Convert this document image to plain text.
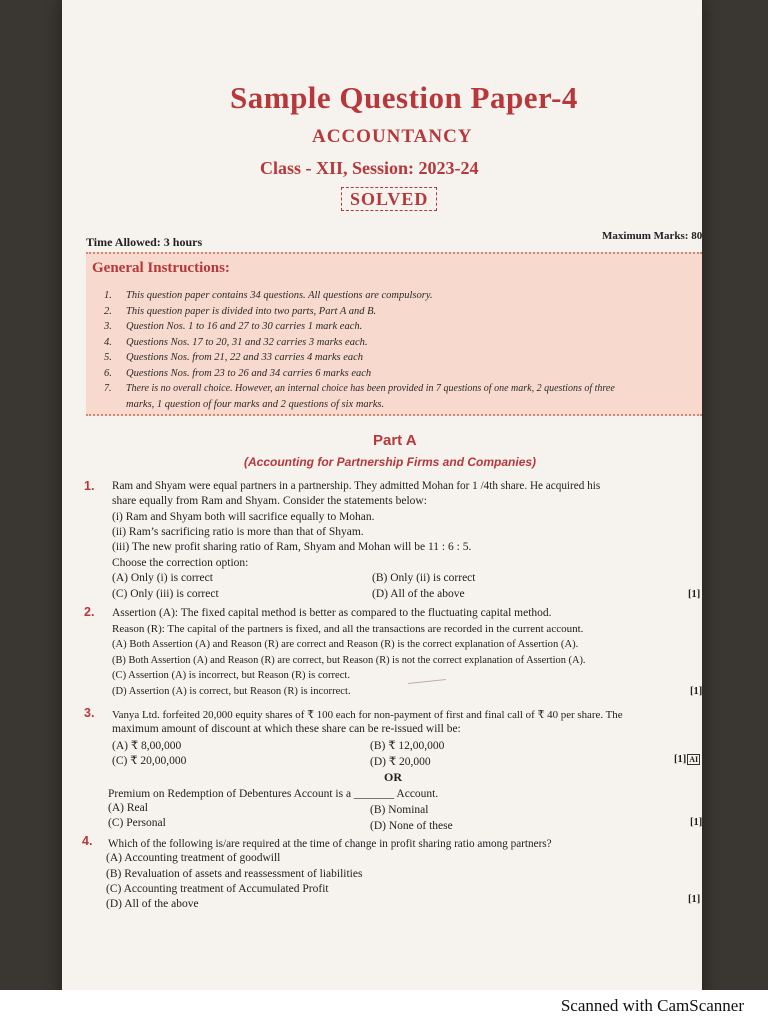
Sample Question Paper-4
ACCOUNTANCY
Class - XII, Session: 2023-24
SOLVED
Time Allowed: 3 hours	Maximum Marks: 80
General Instructions:
1. This question paper contains 34 questions. All questions are compulsory.
2. This question paper is divided into two parts, Part A and B.
3. Question Nos. 1 to 16 and 27 to 30 carries 1 mark each.
4. Questions Nos. 17 to 20, 31 and 32 carries 3 marks each.
5. Questions Nos. from 21, 22 and 33 carries 4 marks each
6. Questions Nos. from 23 to 26 and 34 carries 6 marks each
7. There is no overall choice. However, an internal choice has been provided in 7 questions of one mark, 2 questions of three
marks, 1 question of four marks and 2 questions of six marks.
Part A
(Accounting for Partnership Firms and Companies)
1. Ram and Shyam were equal partners in a partnership. They admitted Mohan for 1 /4th share. He acquired his
share equally from Ram and Shyam. Consider the statements below:
(i) Ram and Shyam both will sacrifice equally to Mohan.
(ii) Ram’s sacrificing ratio is more than that of Shyam.
(iii) The new profit sharing ratio of Ram, Shyam and Mohan will be 11 : 6 : 5.
Choose the correction option:
(A) Only (i) is correct	(B) Only (ii) is correct
(C) Only (iii) is correct	(D) All of the above	[1]
2. Assertion (A): The fixed capital method is better as compared to the fluctuating capital method.
Reason (R): The capital of the partners is fixed, and all the transactions are recorded in the current account.
(A) Both Assertion (A) and Reason (R) are correct and Reason (R) is the correct explanation of Assertion (A).
(B) Both Assertion (A) and Reason (R) are correct, but Reason (R) is not the correct explanation of Assertion (A).
(C) Assertion (A) is incorrect, but Reason (R) is correct.
(D) Assertion (A) is correct, but Reason (R) is incorrect.	[1]
3. Vanya Ltd. forfeited 20,000 equity shares of ₹ 100 each for non-payment of first and final call of ₹ 40 per share. The
maximum amount of discount at which these share can be re-issued will be:
(A) ₹ 8,00,000	(B) ₹ 12,00,000
(C) ₹ 20,00,000	(D) ₹ 20,000	[1] AI
OR
Premium on Redemption of Debentures Account is a _______ Account.
(A) Real	(B) Nominal
(C) Personal	(D) None of these	[1]
4. Which of the following is/are required at the time of change in profit sharing ratio among partners?
(A) Accounting treatment of goodwill
(B) Revaluation of assets and reassessment of liabilities
(C) Accounting treatment of Accumulated Profit
(D) All of the above	[1]
Scanned with CamScanner
